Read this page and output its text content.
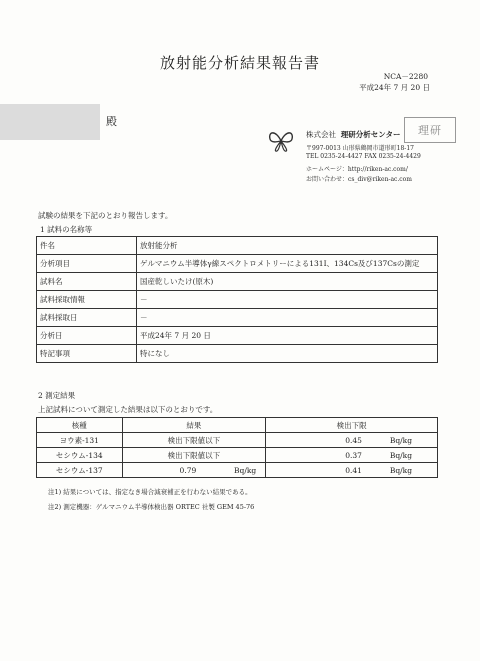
放射能分析結果報告書
NCA－2280
平成24年 7 月 20 日
殿
株式会社 理研分析センター 理研
〒997-0013 山形県鶴岡市道形町18-17
TEL 0235-24-4427 FAX 0235-24-4429
ホームページ：http://riken-ac.com/
お問い合わせ：cs_div@riken-ac.com
試験の結果を下記のとおり報告します。
1 試料の名称等
件名	放射能分析
分析項目	ゲルマニウム半導体γ線スペクトロメトリーによる131I、134Cs及び137Csの測定
試料名	国産乾しいたけ(原木)
試料採取情報	－
試料採取日	－
分析日	平成24年 7 月 20 日
特記事項	特になし
2 測定結果
上記試料について測定した結果は以下のとおりです。
核種	結果	検出下限
ヨウ素-131	検出下限値以下	0.45 Bq/kg

セシウム-134	検出下限値以下	0.37 Bq/kg

セシウム-137	0.79 Bq/kg	0.41 Bq/kg
注1) 結果については、指定なき場合減衰補正を行わない結果である。
注2) 測定機器：ゲルマニウム半導体検出器 ORTEC 社製 GEM 45-76
